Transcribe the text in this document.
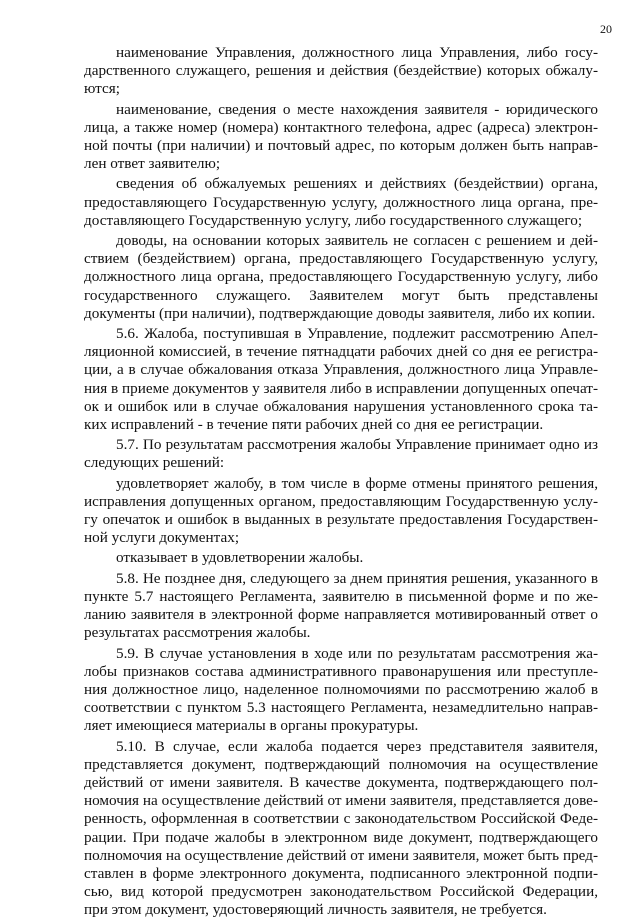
20

наименование Управления, должностного лица Управления, либо государственного служащего, решения и действия (бездействие) которых обжалуются;

наименование, сведения о месте нахождения заявителя - юридического лица, а также номер (номера) контактного телефона, адрес (адреса) электронной почты (при наличии) и почтовый адрес, по которым должен быть направлен ответ заявителю;

сведения об обжалуемых решениях и действиях (бездействии) органа, предоставляющего Государственную услугу, должностного лица органа, предоставляющего Государственную услугу, либо государственного служащего;

доводы, на основании которых заявитель не согласен с решением и действием (бездействием) органа, предоставляющего Государственную услугу, должностного лица органа, предоставляющего Государственную услугу, либо государственного служащего. Заявителем могут быть представлены документы (при наличии), подтверждающие доводы заявителя, либо их копии.

5.6. Жалоба, поступившая в Управление, подлежит рассмотрению Апелляционной комиссией, в течение пятнадцати рабочих дней со дня ее регистрации, а в случае обжалования отказа Управления, должностного лица Управления в приеме документов у заявителя либо в исправлении допущенных опечаток и ошибок или в случае обжалования нарушения установленного срока таких исправлений - в течение пяти рабочих дней со дня ее регистрации.

5.7. По результатам рассмотрения жалобы Управление принимает одно из следующих решений:

удовлетворяет жалобу, в том числе в форме отмены принятого решения, исправления допущенных органом, предоставляющим Государственную услугу опечаток и ошибок в выданных в результате предоставления Государственной услуги документах;

отказывает в удовлетворении жалобы.

5.8. Не позднее дня, следующего за днем принятия решения, указанного в пункте 5.7 настоящего Регламента, заявителю в письменной форме и по желанию заявителя в электронной форме направляется мотивированный ответ о результатах рассмотрения жалобы.

5.9. В случае установления в ходе или по результатам рассмотрения жалобы признаков состава административного правонарушения или преступления должностное лицо, наделенное полномочиями по рассмотрению жалоб в соответствии с пунктом 5.3 настоящего Регламента, незамедлительно направляет имеющиеся материалы в органы прокуратуры.

5.10. В случае, если жалоба подается через представителя заявителя, представляется документ, подтверждающий полномочия на осуществление действий от имени заявителя. В качестве документа, подтверждающего полномочия на осуществление действий от имени заявителя, представляется доверенность, оформленная в соответствии с законодательством Российской Федерации. При подаче жалобы в электронном виде документ, подтверждающего полномочия на осуществление действий от имени заявителя, может быть представлен в форме электронного документа, подписанного электронной подписью, вид которой предусмотрен законодательством Российской Федерации, при этом документ, удостоверяющий личность заявителя, не требуется.
